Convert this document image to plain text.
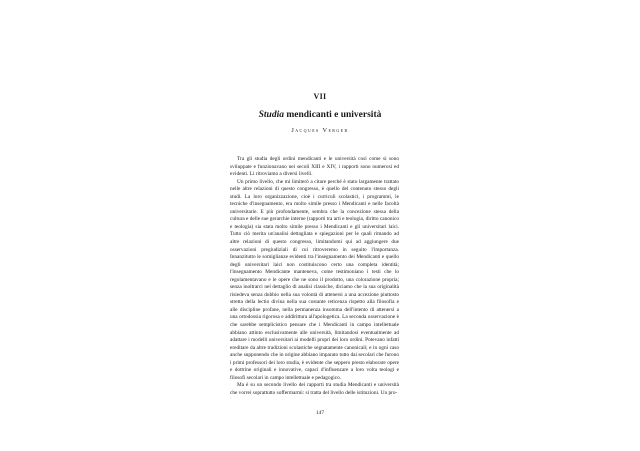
VII
Studia mendicanti e università
Jacques Verger

Tra gli studia degli ordini mendicanti e le università così come si sono sviluppate e funzionavano nei secoli XIII e XIV, i rapporti sono numerosi ed evidenti. Li ritroviamo a diversi livelli.

Un primo livello, che mi limiterò a citare perché è stato largamente trattato nelle altre relazioni di questo congresso, è quello del contenuto stesso degli studi. La loro organizzazione, cioè i curriculi scolastici, i programmi, le tecniche d'insegnamento, era molto simile presso i Mendicanti e nelle facoltà universitarie. E più profondamente, sembra che la concezione stessa della cultura e delle sue gerarchie interne (rapporti tra arti e teologia, diritto canonico e teologia) sia stata molto simile presso i Mendicanti e gli universitari laici. Tutto ciò merita un'analisi dettagliata e spiegazioni per le quali rimando ad altre relazioni di questo congresso, limitandomi qui ad aggiungere due osservazioni pregiudiziali di cui ritroveremo in seguito l'importanza. Innanzitutto le somiglianze evidenti tra l'insegnamento dei Mendicanti e quello degli universitari laici non costituiscono certo una completa identità; l'insegnamento Mendicante manteneva, come testimoniano i testi che lo regolamentavano e le opere che ne sono il prodotto, una colorazione propria; senza inoltrarci nel dettaglio di analisi classiche, diciamo che la sua originalità risiedeva senza dubbio nella sua volontà di attenersi a una accezione piuttosto stretta della lectio divina nella sua costante reticenza rispetto alla filosofia e alle discipline profane, nella permanenza insomma dell'intento di attenersi a una ortodossia rigorosa e addirittura all'apologetica. La seconda osservazione è che sarebbe semplicistico pensare che i Mendicanti in campo intellettuale abbiano attinto esclusivamente alle università, limitandosi eventualmente ad adattare i modelli universitari ai modelli propri dei loro ordini. Potevano infatti ereditare da altre tradizioni scolastiche segnatamente canonicali; e in ogni caso anche supponendo che in origine abbiano imparato tutto dai secolari che furono i primi professori dei loro studia, è evidente che seppero presto elaborare opere e dottrine originali e innovative, capaci d'influenzare a loro volta teologi e filosofi secolari in campo intellettuale e pedagogico.

Ma è su un secondo livello dei rapporti tra studia Mendicanti e università che vorrei soprattutto soffermarmi: si tratta del livello delle istituzioni. Un pro-

147
